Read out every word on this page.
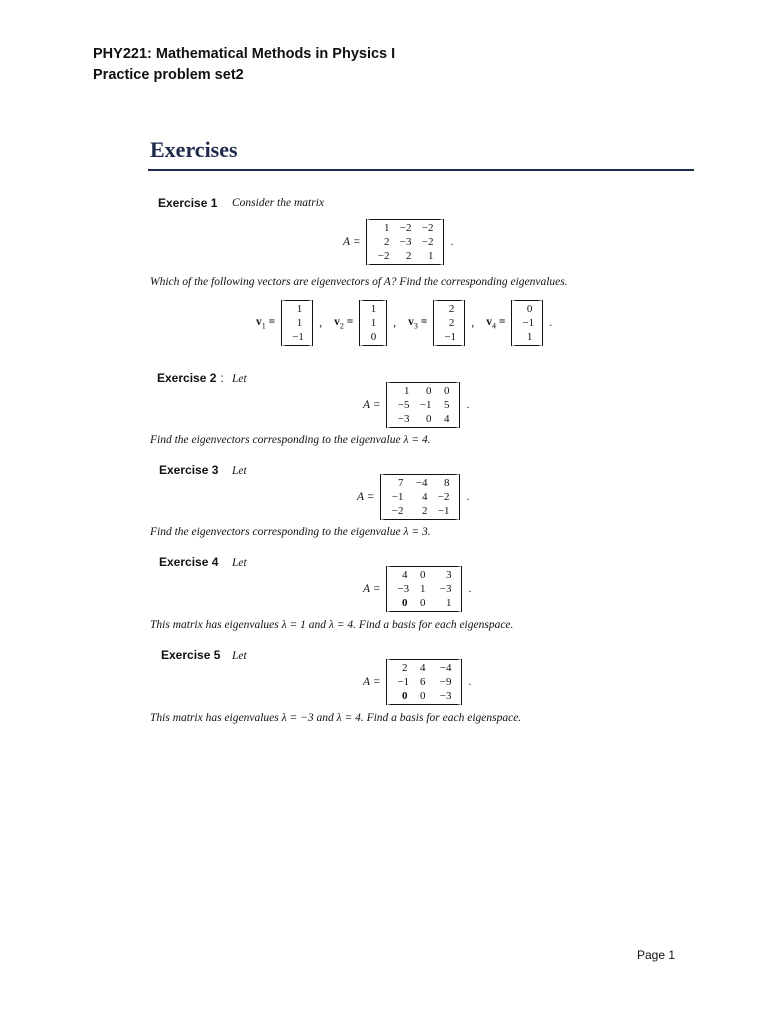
PHY221: Mathematical Methods in Physics I
Practice problem set2
Exercises
Exercise 1 Consider the matrix
A =
1 −2 −2
2 −3 −2
−2	2	1
.
Which of the following vectors are eigenvectors of A? Find the corresponding eigenvalues.
$v_1$ =
1
1
−1
, $v_2$ =
1
1
0
, $v_3$ =
2
2
−1
, $v_4$ =
0
−1
1
.
Exercise 2 : Let
A =
1	0	0
−5 −1	5
−3	0	4
.
Find the eigenvectors corresponding to the eigenvalue λ = 4.
Exercise 3 Let
A =
7	−4	8
−1	4 −2
−2	2 −1
.
Find the eigenvectors corresponding to the eigenvalue λ = 3.
Exercise 4 Let
A =
4	0	3
−3 1	−3
0	0	1
.
This matrix has eigenvalues λ = 1 and λ = 4. Find a basis for each eigenspace.
Exercise 5 Let
A =
2	4	−4
−1 6	−9
0	0	−3
.
This matrix has eigenvalues λ = −3 and λ = 4. Find a basis for each eigenspace.
Page 1
